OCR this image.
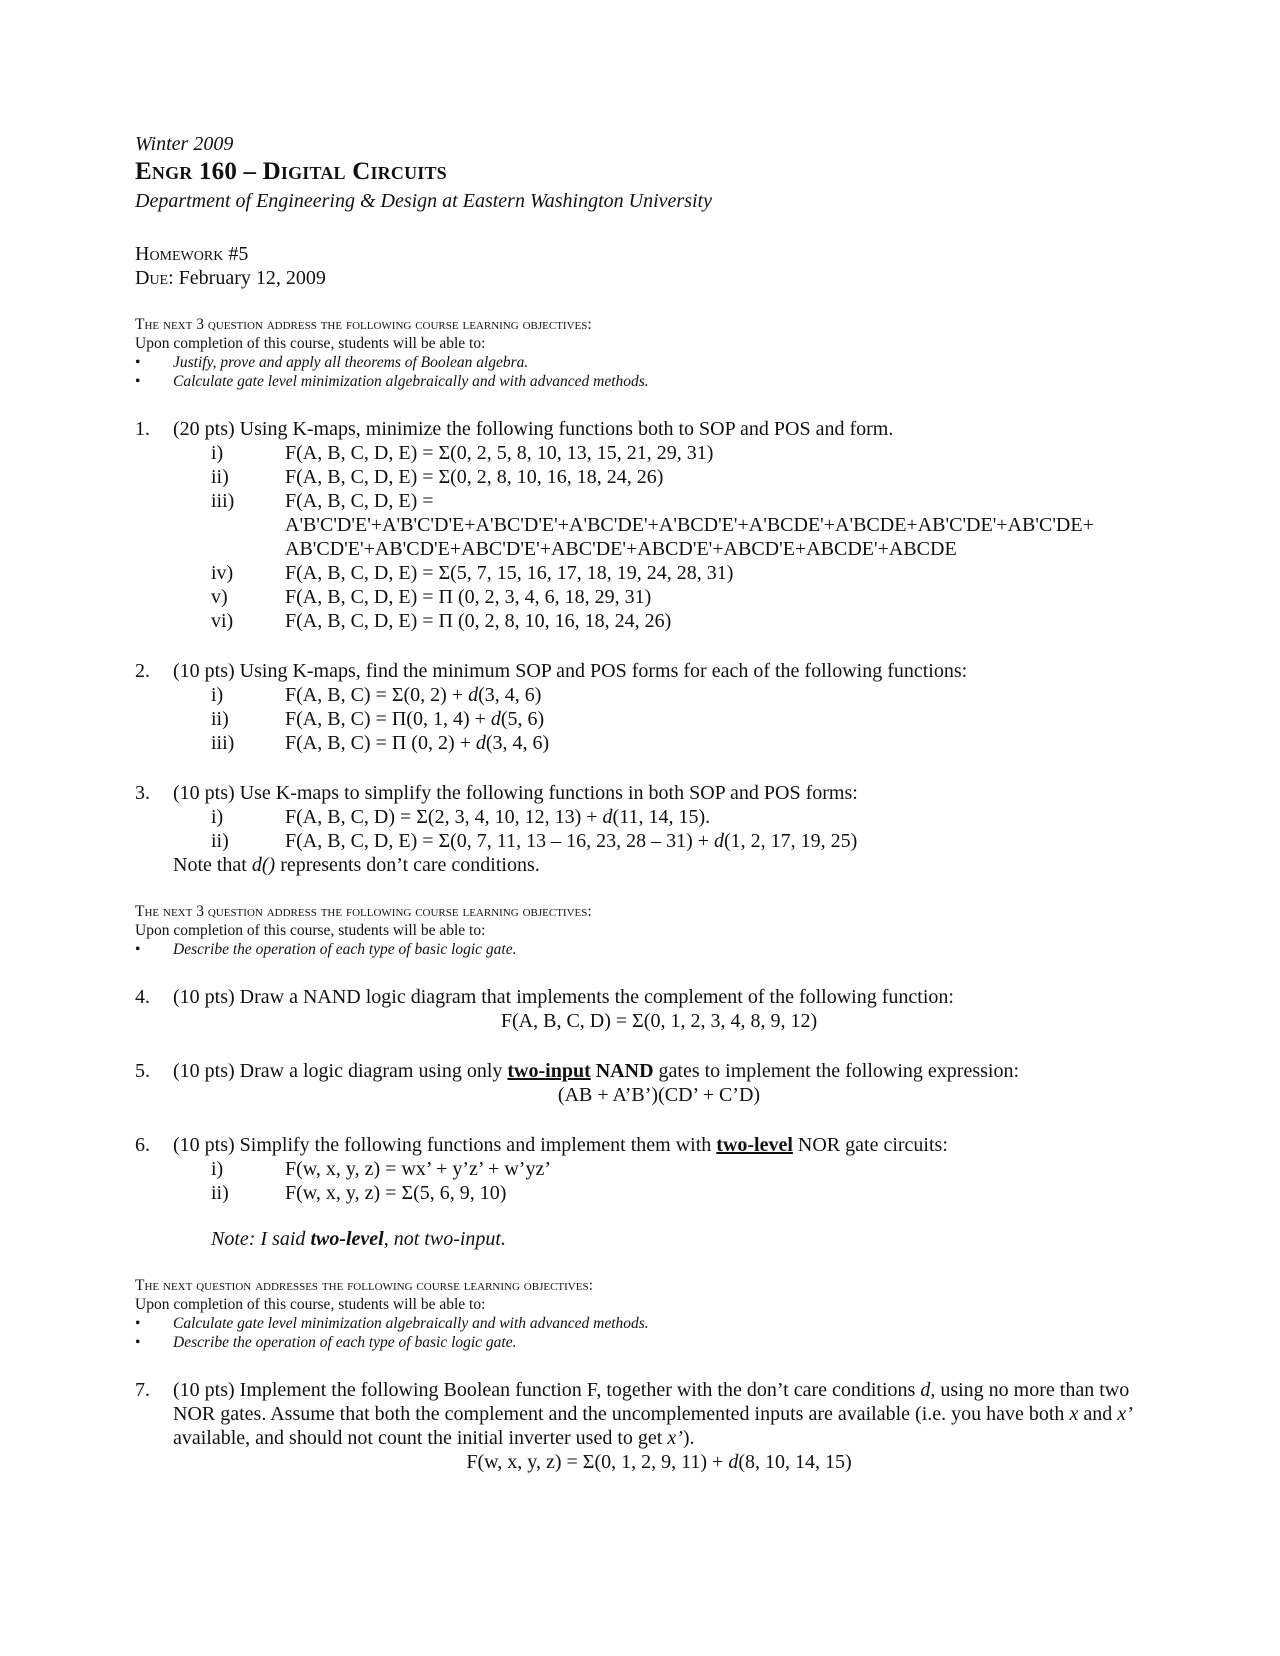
Winter 2009
Engr 160 – Digital Circuits
Department of Engineering & Design at Eastern Washington University
Homework #5
Due: February 12, 2009
The next 3 question address the following course learning objectives:
Upon completion of this course, students will be able to:
• Justify, prove and apply all theorems of Boolean algebra.
• Calculate gate level minimization algebraically and with advanced methods.
1. (20 pts) Using K-maps, minimize the following functions both to SOP and POS and form.
i)	F(A, B, C, D, E) = Σ(0, 2, 5, 8, 10, 13, 15, 21, 29, 31)
ii)	F(A, B, C, D, E) = Σ(0, 2, 8, 10, 16, 18, 24, 26)
iii)	F(A, B, C, D, E) =
A'B'C'D'E'+A'B'C'D'E+A'BC'D'E'+A'BC'DE'+A'BCD'E'+A'BCDE'+A'BCDE+AB'C'DE'+AB'C'DE+
AB'CD'E'+AB'CD'E+ABC'D'E'+ABC'DE'+ABCD'E'+ABCD'E+ABCDE'+ABCDE
iv)	F(A, B, C, D, E) = Σ(5, 7, 15, 16, 17, 18, 19, 24, 28, 31)
v)	F(A, B, C, D, E) = Π (0, 2, 3, 4, 6, 18, 29, 31)
vi)	F(A, B, C, D, E) = Π (0, 2, 8, 10, 16, 18, 24, 26)
2. (10 pts) Using K-maps, find the minimum SOP and POS forms for each of the following functions:
i)	F(A, B, C) = Σ(0, 2) + d(3, 4, 6)
ii)	F(A, B, C) = Π(0, 1, 4) + d(5, 6)
iii)	F(A, B, C) = Π (0, 2) + d(3, 4, 6)
3. (10 pts) Use K-maps to simplify the following functions in both SOP and POS forms:
i)	F(A, B, C, D) = Σ(2, 3, 4, 10, 12, 13) + d(11, 14, 15).
ii)	F(A, B, C, D, E) = Σ(0, 7, 11, 13 – 16, 23, 28 – 31) + d(1, 2, 17, 19, 25)
Note that d() represents don’t care conditions.
The next 3 question address the following course learning objectives:
Upon completion of this course, students will be able to:
• Describe the operation of each type of basic logic gate.
4. (10 pts) Draw a NAND logic diagram that implements the complement of the following function:
F(A, B, C, D) = Σ(0, 1, 2, 3, 4, 8, 9, 12)
5. (10 pts) Draw a logic diagram using only two-input NAND gates to implement the following expression:
(AB + A’B’)(CD’ + C’D)
6. (10 pts) Simplify the following functions and implement them with two-level NOR gate circuits:
i)	F(w, x, y, z) = wx’ + y’z’ + w’yz’
ii)	F(w, x, y, z) = Σ(5, 6, 9, 10)
Note: I said two-level, not two-input.
The next question addresses the following course learning objectives:
Upon completion of this course, students will be able to:
• Calculate gate level minimization algebraically and with advanced methods.
• Describe the operation of each type of basic logic gate.
7. (10 pts) Implement the following Boolean function F, together with the don’t care conditions d, using no more than two NOR gates. Assume that both the complement and the uncomplemented inputs are available (i.e. you have both x and x’ available, and should not count the initial inverter used to get x’).
F(w, x, y, z) = Σ(0, 1, 2, 9, 11) + d(8, 10, 14, 15)
